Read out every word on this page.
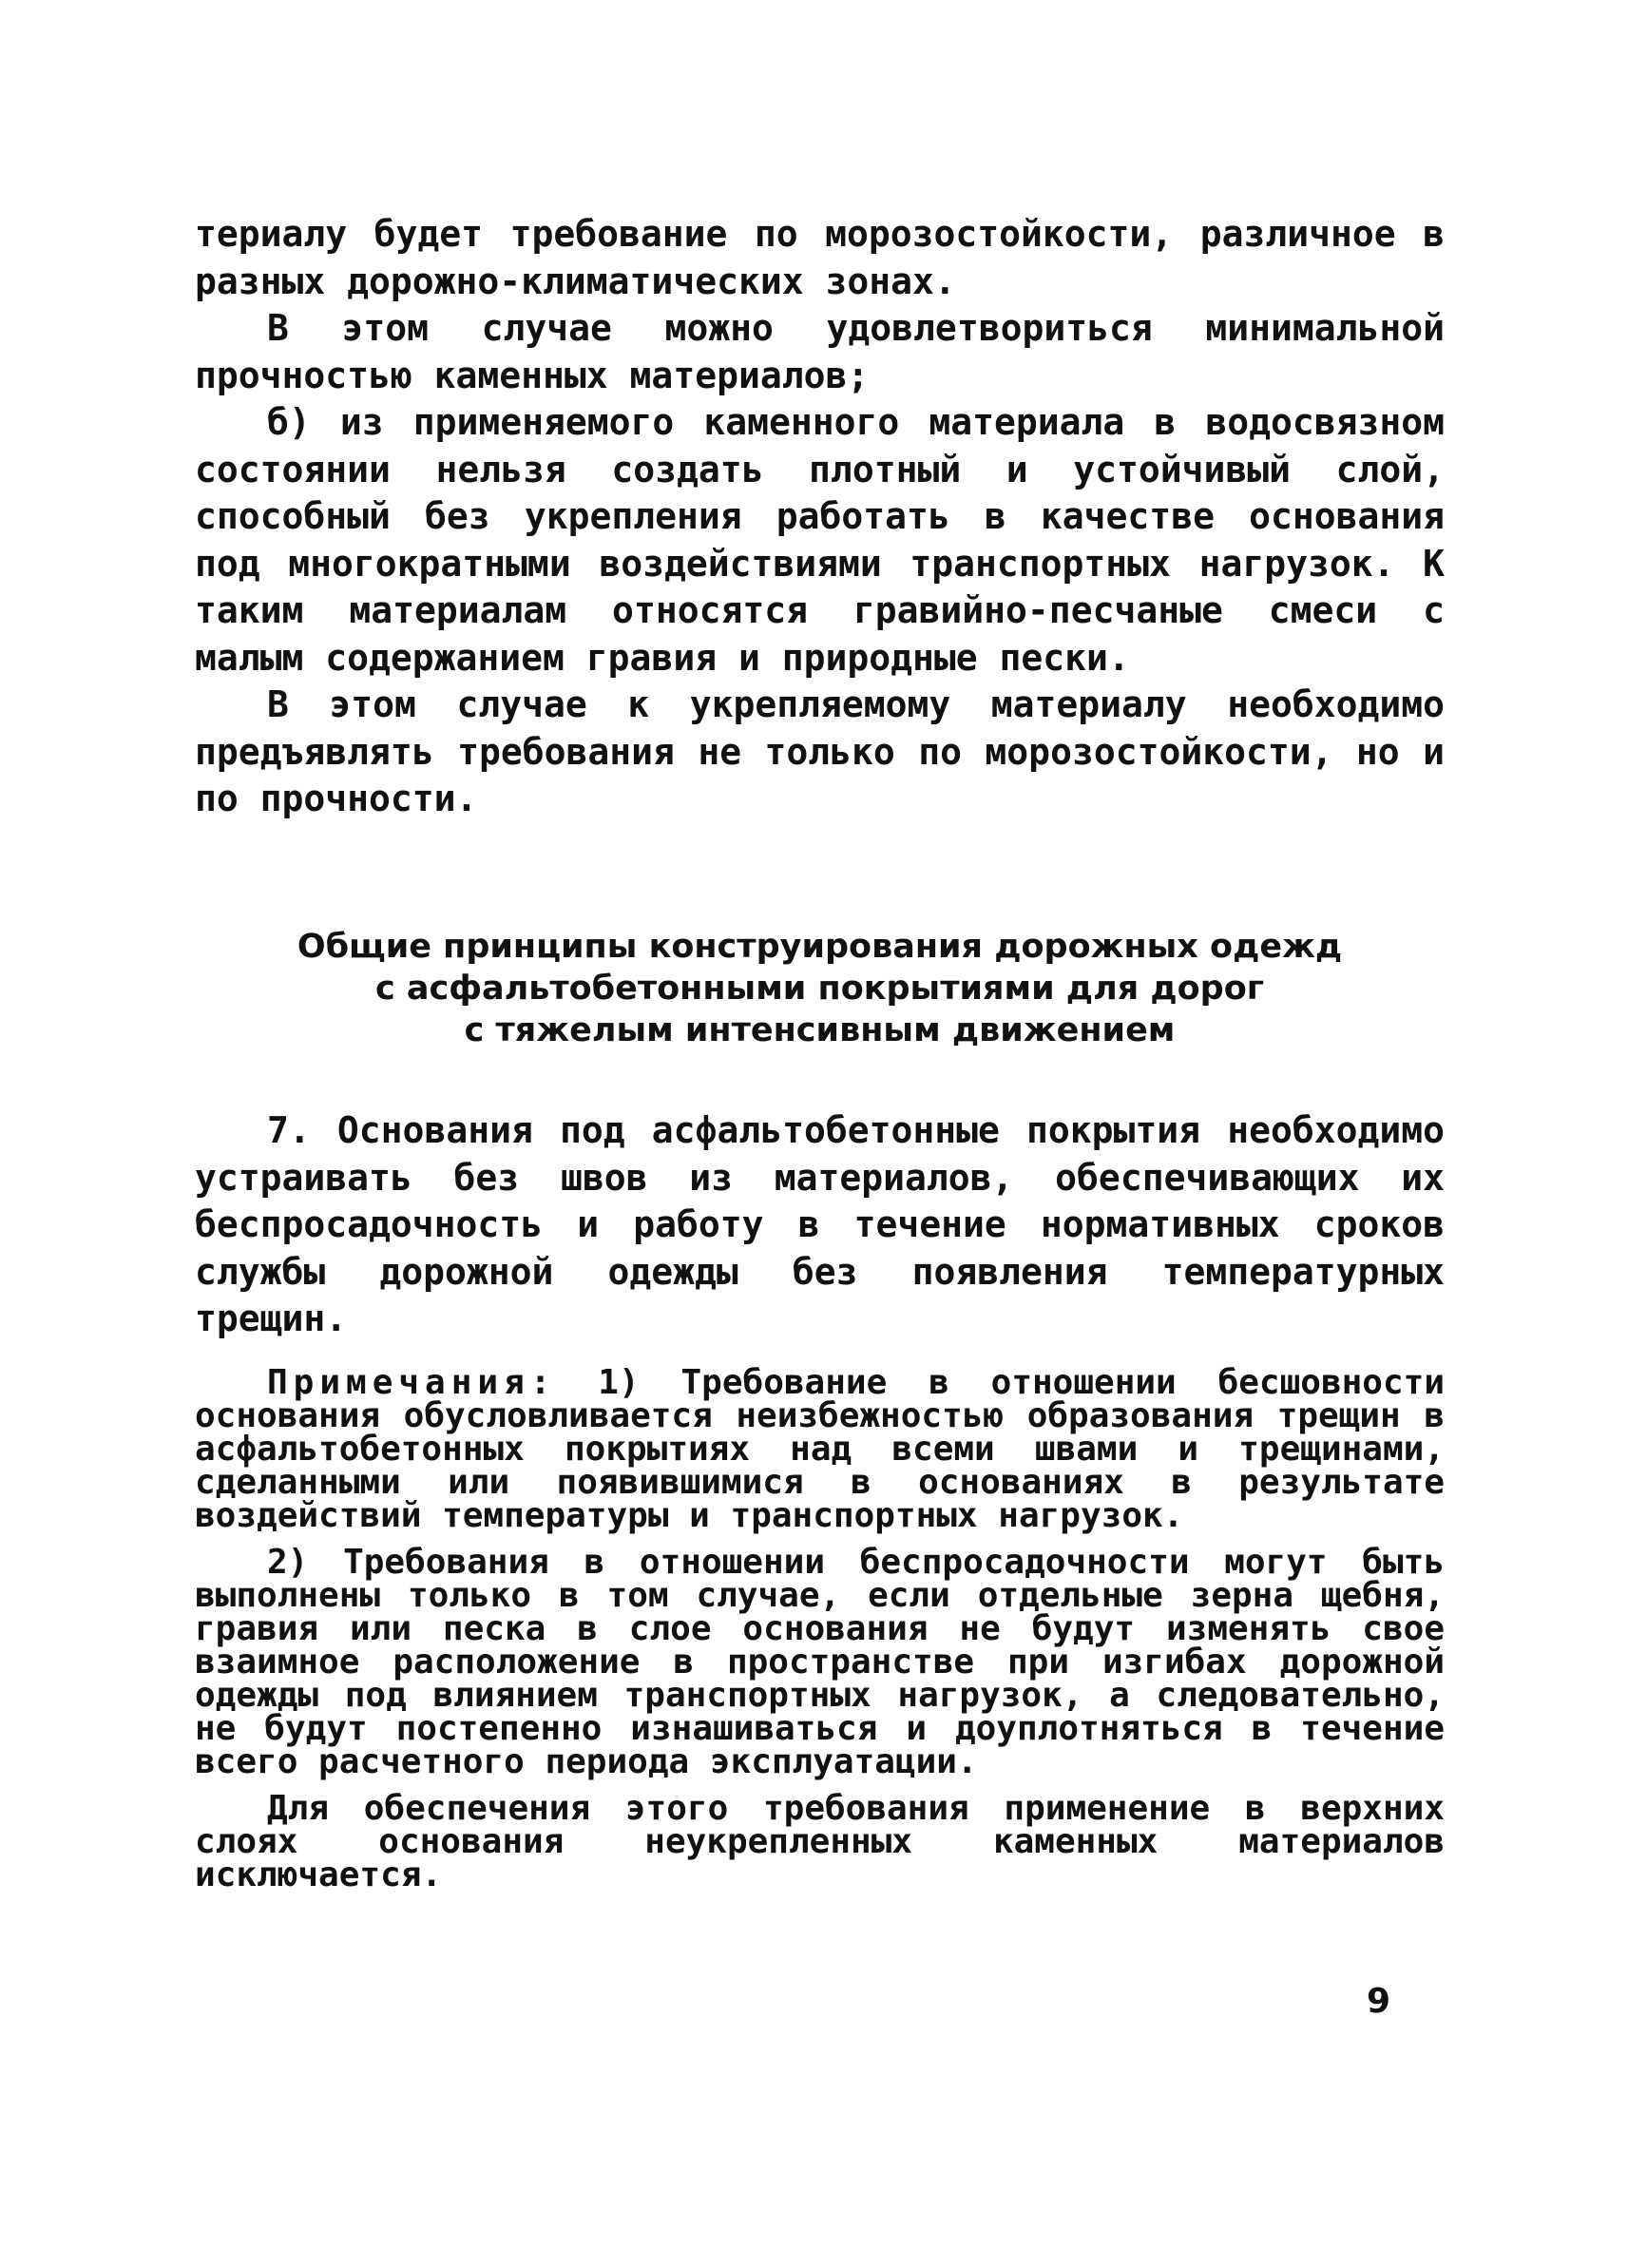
териалу будет требование по морозостойкости, различное в разных дорожно-климатических зонах.

В этом случае можно удовлетвориться минимальной прочностью каменных материалов;

б) из применяемого каменного материала в водосвязном состоянии нельзя создать плотный и устойчивый слой, способный без укрепления работать в качестве основания под многократными воздействиями транспортных нагрузок. К таким материалам относятся гравийно-песчаные смеси с малым содержанием гравия и природные пески.

В этом случае к укрепляемому материалу необходимо предъявлять требования не только по морозостойкости, но и по прочности.

Общие принципы конструирования дорожных одежд
с асфальтобетонными покрытиями для дорог
с тяжелым интенсивным движением

7. Основания под асфальтобетонные покрытия необходимо устраивать без швов из материалов, обеспечивающих их беспросадочность и работу в течение нормативных сроков службы дорожной одежды без появления температурных трещин.

Примечания: 1) Требование в отношении бесшовности основания обусловливается неизбежностью образования трещин в асфальтобетонных покрытиях над всеми швами и трещинами, сделанными или появившимися в основаниях в результате воздействий температуры и транспортных нагрузок.

2) Требования в отношении беспросадочности могут быть выполнены только в том случае, если отдельные зерна щебня, гравия или песка в слое основания не будут изменять свое взаимное расположение в пространстве при изгибах дорожной одежды под влиянием транспортных нагрузок, а следовательно, не будут постепенно изнашиваться и доуплотняться в течение всего расчетного периода эксплуатации.

Для обеспечения этого требования применение в верхних слоях основания неукрепленных каменных материалов исключается.

9
